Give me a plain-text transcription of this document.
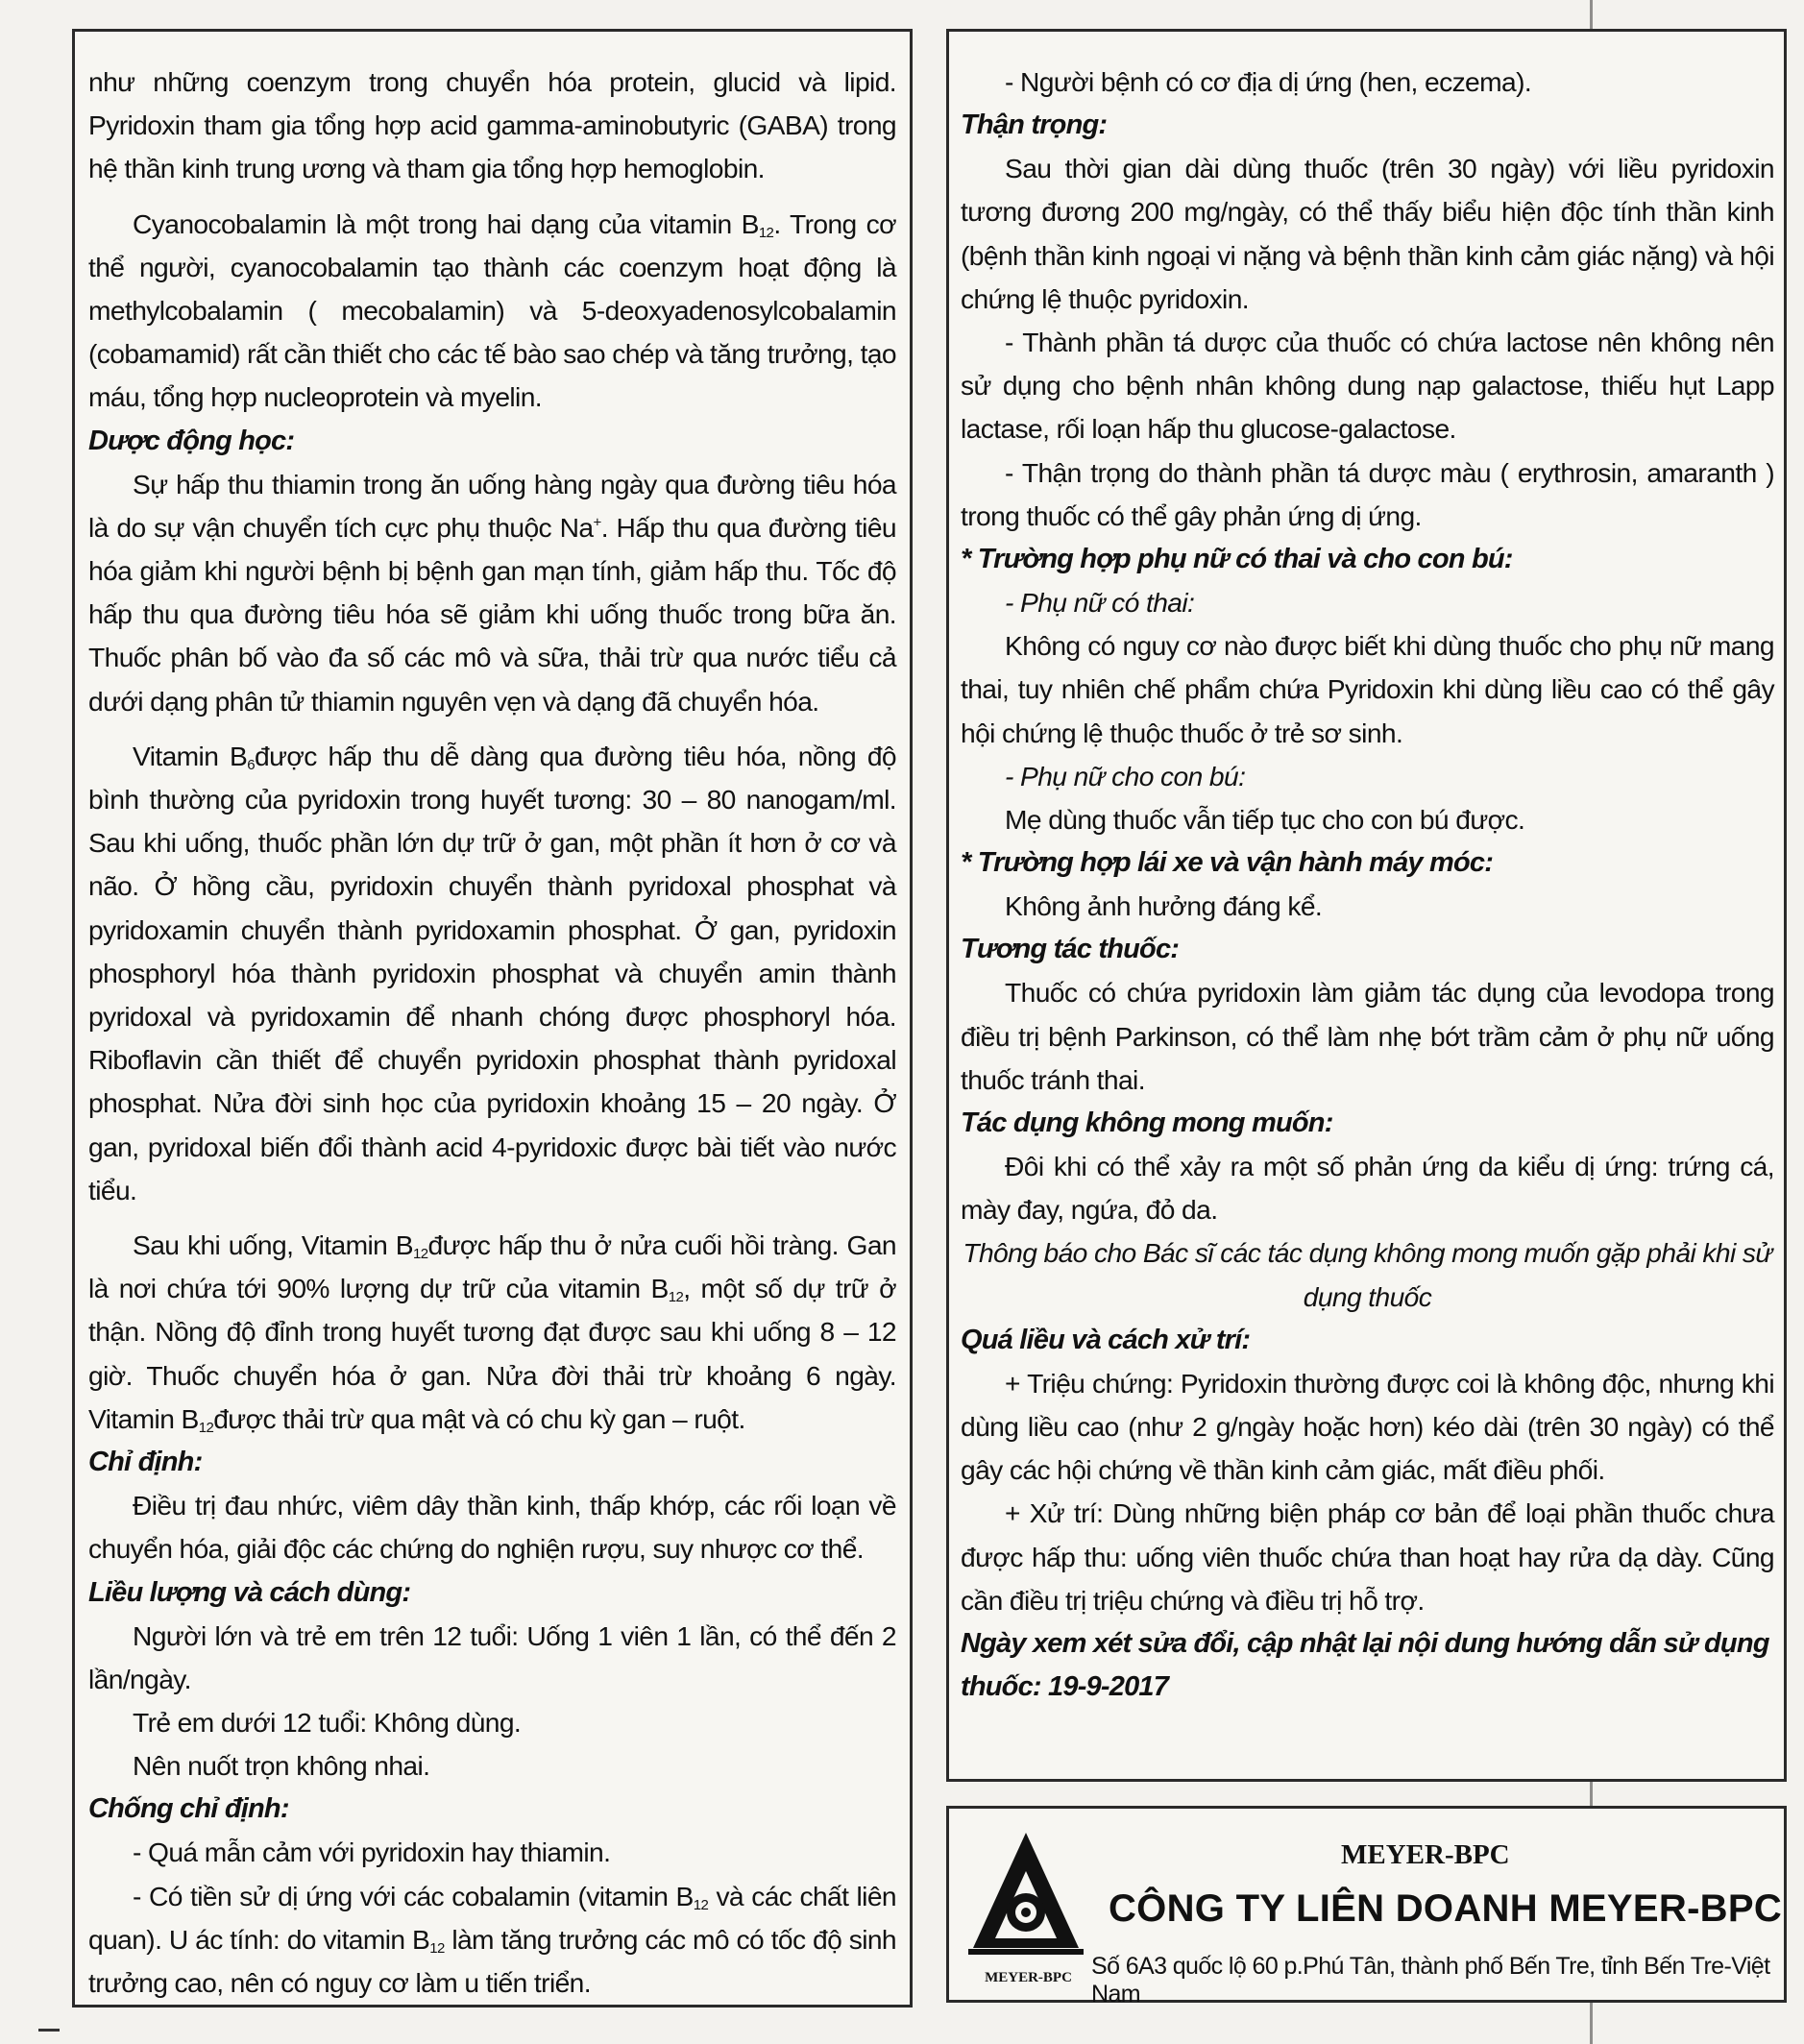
như những coenzym trong chuyển hóa protein, glucid và lipid. Pyridoxin tham gia tổng hợp acid gamma-aminobutyric (GABA) trong hệ thần kinh trung ương và tham gia tổng hợp hemoglobin.

Cyanocobalamin là một trong hai dạng của vitamin $B_{12}$. Trong cơ thể người, cyanocobalamin tạo thành các coenzym hoạt động là methylcobalamin ( mecobalamin) và 5-deoxyadenosylcobalamin (cobamamid) rất cần thiết cho các tế bào sao chép và tăng trưởng, tạo máu, tổng hợp nucleoprotein và myelin.

Dược động học:

Sự hấp thu thiamin trong ăn uống hàng ngày qua đường tiêu hóa là do sự vận chuyển tích cực phụ thuộc Na+. Hấp thu qua đường tiêu hóa giảm khi người bệnh bị bệnh gan mạn tính, giảm hấp thu. Tốc độ hấp thu qua đường tiêu hóa sẽ giảm khi uống thuốc trong bữa ăn. Thuốc phân bố vào đa số các mô và sữa, thải trừ qua nước tiểu cả dưới dạng phân tử thiamin nguyên vẹn và dạng đã chuyển hóa.

Vitamin $B_6được$ hấp thu dễ dàng qua đường tiêu hóa, nồng độ bình thường của pyridoxin trong huyết tương: 30 – 80 nanogam/ml. Sau khi uống, thuốc phần lớn dự trữ ở gan, một phần ít hơn ở cơ và não. Ở hồng cầu, pyridoxin chuyển thành pyridoxal phosphat và pyridoxamin chuyển thành pyridoxamin phosphat. Ở gan, pyridoxin phosphoryl hóa thành pyridoxin phosphat và chuyển amin thành pyridoxal và pyridoxamin để nhanh chóng được phosphoryl hóa. Riboflavin cần thiết để chuyển pyridoxin phosphat thành pyridoxal phosphat. Nửa đời sinh học của pyridoxin khoảng 15 – 20 ngày. Ở gan, pyridoxal biến đổi thành acid 4-pyridoxic được bài tiết vào nước tiểu.

Sau khi uống, Vitamin $B_{12}được$ hấp thu ở nửa cuối hồi tràng. Gan là nơi chứa tới 90% lượng dự trữ của vitamin $B_{12}$, một số dự trữ ở thận. Nồng độ đỉnh trong huyết tương đạt được sau khi uống 8 – 12 giờ. Thuốc chuyển hóa ở gan. Nửa đời thải trừ khoảng 6 ngày. Vitamin $B_{12}được$ thải trừ qua mật và có chu kỳ gan – ruột.

Chỉ định:

Điều trị đau nhức, viêm dây thần kinh, thấp khớp, các rối loạn về chuyển hóa, giải độc các chứng do nghiện rượu, suy nhược cơ thể.

Liều lượng và cách dùng:

Người lớn và trẻ em trên 12 tuổi: Uống 1 viên 1 lần, có thể đến 2 lần/ngày.

Trẻ em dưới 12 tuổi: Không dùng.

Nên nuốt trọn không nhai.

Chống chỉ định:

- Quá mẫn cảm với pyridoxin hay thiamin.

- Có tiền sử dị ứng với các cobalamin (vitamin $B_{12}$ và các chất liên quan). U ác tính: do vitamin $B_{12}$ làm tăng trưởng các mô có tốc độ sinh trưởng cao, nên có nguy cơ làm u tiến triển.

- Người bệnh có cơ địa dị ứng (hen, eczema).

Thận trọng:

Sau thời gian dài dùng thuốc (trên 30 ngày) với liều pyridoxin tương đương 200 mg/ngày, có thể thấy biểu hiện độc tính thần kinh (bệnh thần kinh ngoại vi nặng và bệnh thần kinh cảm giác nặng) và hội chứng lệ thuộc pyridoxin.

- Thành phần tá dược của thuốc có chứa lactose nên không nên sử dụng cho bệnh nhân không dung nạp galactose, thiếu hụt Lapp lactase, rối loạn hấp thu glucose-galactose.

- Thận trọng do thành phần tá dược màu ( erythrosin, amaranth ) trong thuốc có thể gây phản ứng dị ứng.

* Trường hợp phụ nữ có thai và cho con bú:

- Phụ nữ có thai:

Không có nguy cơ nào được biết khi dùng thuốc cho phụ nữ mang thai, tuy nhiên chế phẩm chứa Pyridoxin khi dùng liều cao có thể gây hội chứng lệ thuộc thuốc ở trẻ sơ sinh.

- Phụ nữ cho con bú:

Mẹ dùng thuốc vẫn tiếp tục cho con bú được.

* Trường hợp lái xe và vận hành máy móc:

Không ảnh hưởng đáng kể.

Tương tác thuốc:

Thuốc có chứa pyridoxin làm giảm tác dụng của levodopa trong điều trị bệnh Parkinson, có thể làm nhẹ bớt trầm cảm ở phụ nữ uống thuốc tránh thai.

Tác dụng không mong muốn:

Đôi khi có thể xảy ra một số phản ứng da kiểu dị ứng: trứng cá, mày đay, ngứa, đỏ da.

Thông báo cho Bác sĩ các tác dụng không mong muốn gặp phải khi sử

dụng thuốc

Quá liều và cách xử trí:

+ Triệu chứng: Pyridoxin thường được coi là không độc, nhưng khi dùng liều cao (như 2 g/ngày hoặc hơn) kéo dài (trên 30 ngày) có thể gây các hội chứng về thần kinh cảm giác, mất điều phối.

+ Xử trí: Dùng những biện pháp cơ bản để loại phần thuốc chưa được hấp thu: uống viên thuốc chứa than hoạt hay rửa dạ dày. Cũng cần điều trị triệu chứng và điều trị hỗ trợ.

Ngày xem xét sửa đổi, cập nhật lại nội dung hướng dẫn sử dụng thuốc: 19-9-2017

MEYER-BPC
MEYER-BPC
CÔNG TY LIÊN DOANH MEYER-BPC
Số 6A3 quốc lộ 60 p.Phú Tân, thành phố Bến Tre, tỉnh Bến Tre-Việt Nam
